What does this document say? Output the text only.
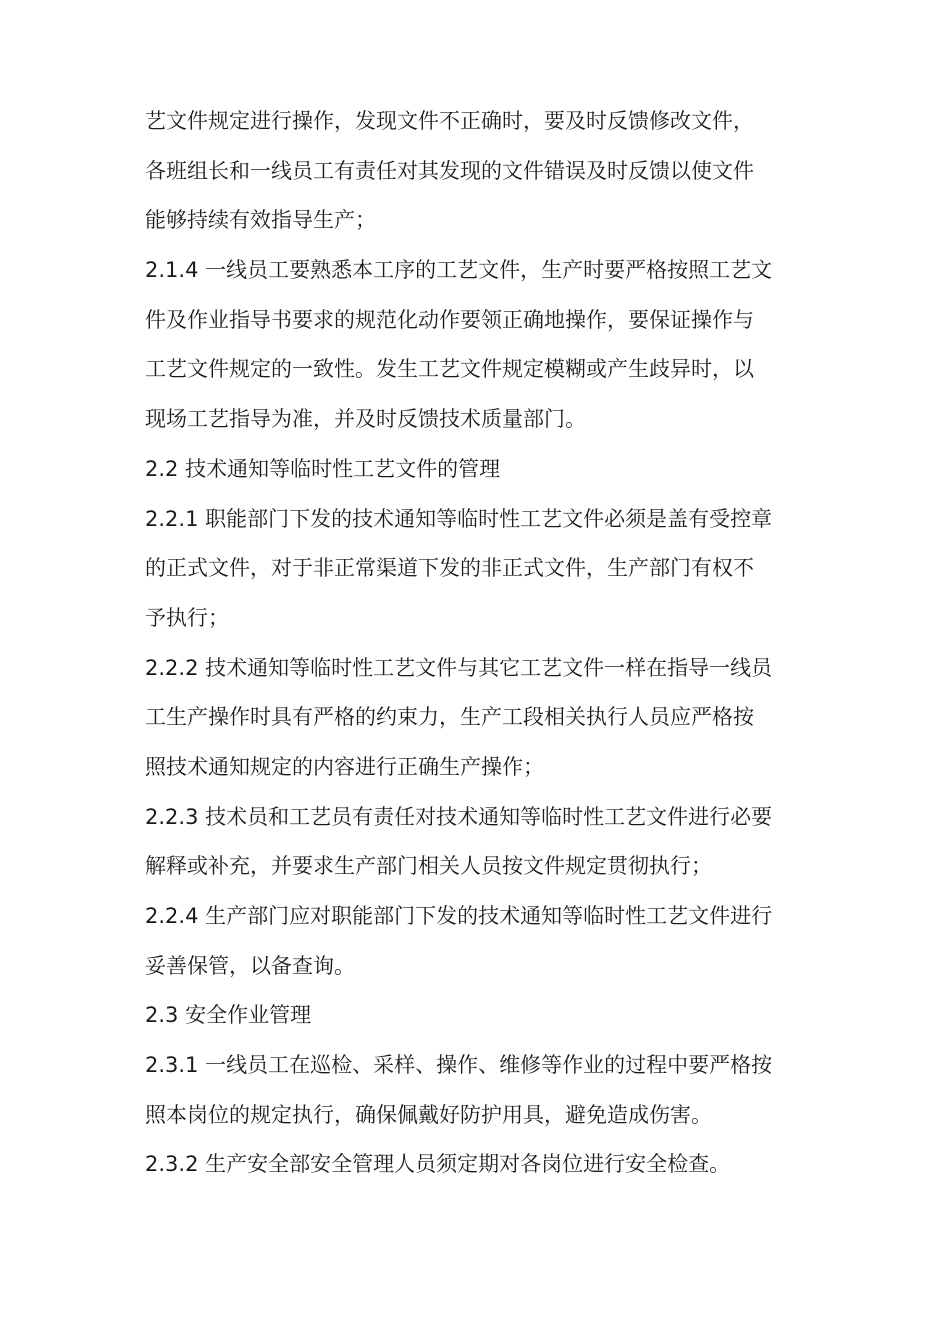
艺文件规定进行操作，发现文件不正确时，要及时反馈修改文件，
各班组长和一线员工有责任对其发现的文件错误及时反馈以使文件
能够持续有效指导生产；
2.1.4 一线员工要熟悉本工序的工艺文件，生产时要严格按照工艺文
件及作业指导书要求的规范化动作要领正确地操作，要保证操作与
工艺文件规定的一致性。发生工艺文件规定模糊或产生歧异时，以
现场工艺指导为准，并及时反馈技术质量部门。
2.2 技术通知等临时性工艺文件的管理
2.2.1 职能部门下发的技术通知等临时性工艺文件必须是盖有受控章
的正式文件，对于非正常渠道下发的非正式文件，生产部门有权不
予执行；
2.2.2 技术通知等临时性工艺文件与其它工艺文件一样在指导一线员
工生产操作时具有严格的约束力，生产工段相关执行人员应严格按
照技术通知规定的内容进行正确生产操作；
2.2.3 技术员和工艺员有责任对技术通知等临时性工艺文件进行必要
解释或补充，并要求生产部门相关人员按文件规定贯彻执行；
2.2.4 生产部门应对职能部门下发的技术通知等临时性工艺文件进行
妥善保管，以备查询。
2.3 安全作业管理
2.3.1 一线员工在巡检、采样、操作、维修等作业的过程中要严格按
照本岗位的规定执行，确保佩戴好防护用具，避免造成伤害。
2.3.2 生产安全部安全管理人员须定期对各岗位进行安全检查。
